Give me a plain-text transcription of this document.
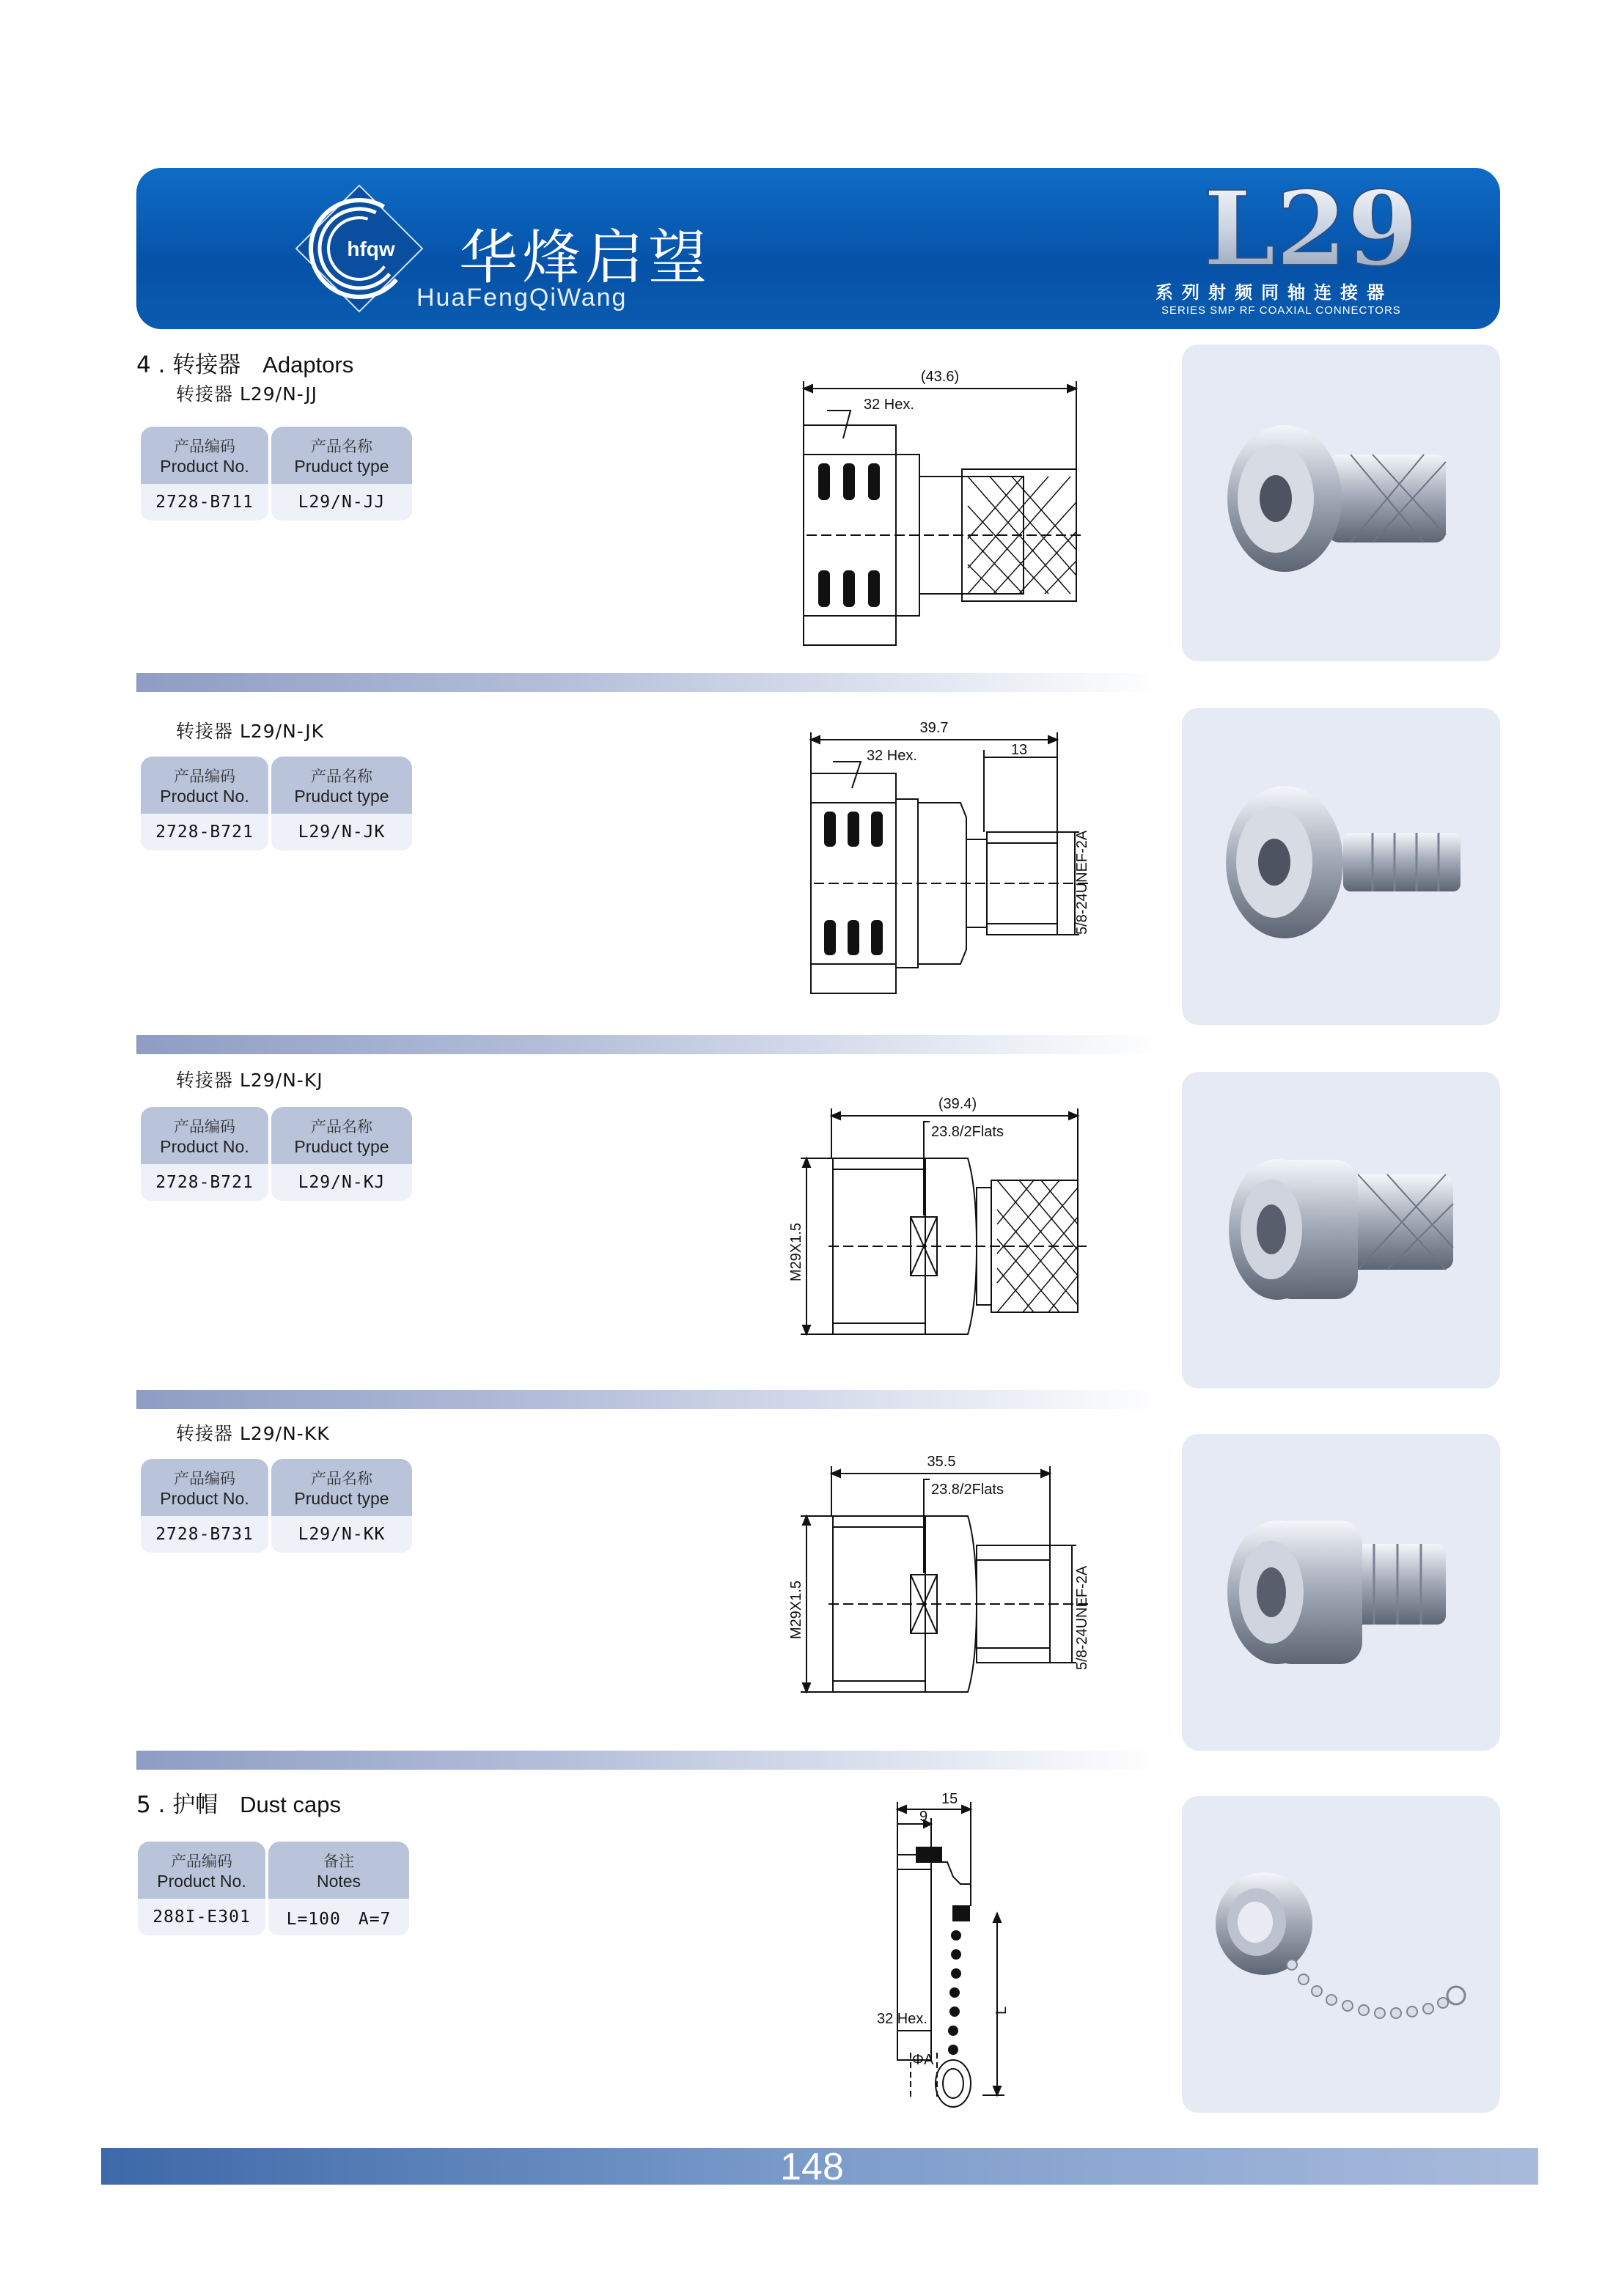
hfqw 华烽启望
HuaFengQiWang
L29
系列射频同轴连接器
SERIES SMP RF COAXIAL CONNECTORS
4 . 转接器 Adaptors
转接器 L29/N-JJ
产品编码
Product No.
产品名称
Pruduct type
2728-B711	L29/N-JJ
(43.6)
32 Hex.
转接器 L29/N-JK
产品编码
Product No.
产品名称
Pruduct type
2728-B721	L29/N-JK
39.7
32 Hex.	13
5/8-24UNEF-2A
转接器 L29/N-KJ
产品编码
Product No.
产品名称
Pruduct type
2728-B721	L29/N-KJ
(39.4)
23.8/2Flats
M29X1.5
转接器 L29/N-KK
产品编码
Product No.
产品名称
Pruduct type
2728-B731	L29/N-KK
35.5
23.8/2Flats
M29X1.5	5/8-24UNEF-2A
5 . 护帽 Dust caps
产品编码
Product No.
备注
Notes
288I-E301	L=100　A=7
15
9
32 Hex.
L
ΦA
148
